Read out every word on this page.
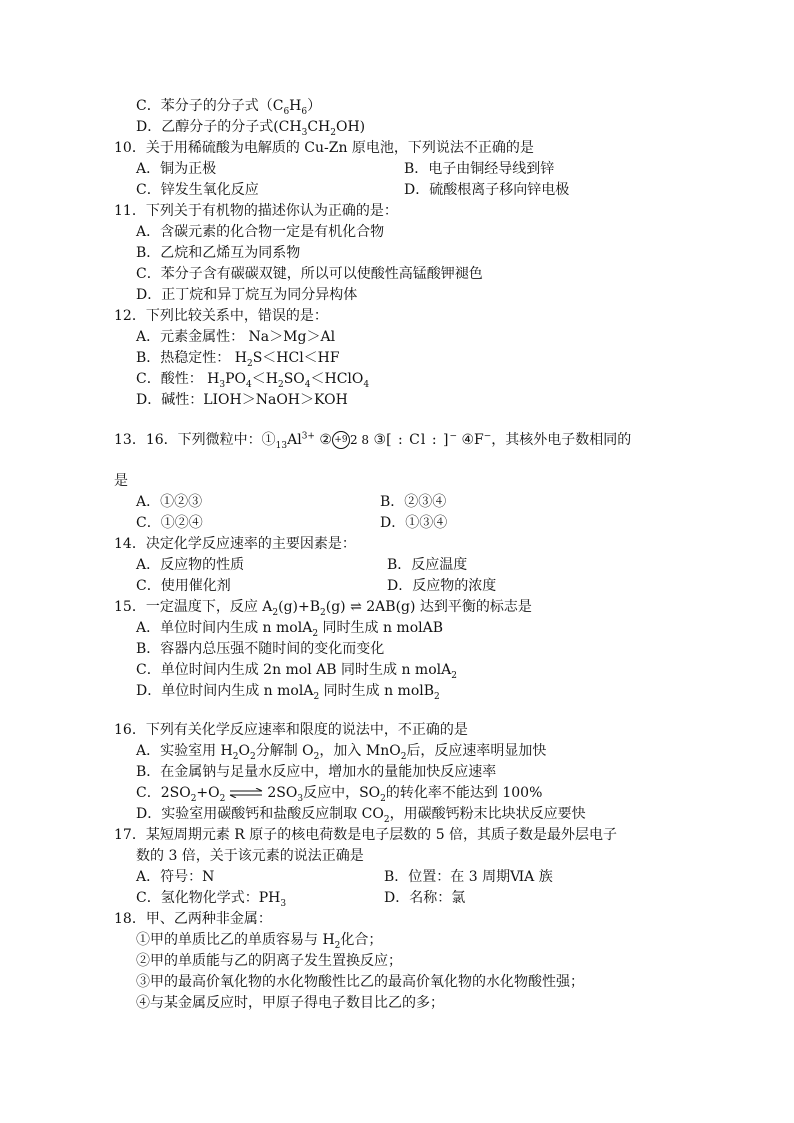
C．苯分子的分子式$(C_6H_6)$
D．乙醇分子的分子式$(CH_3CH_2OH)$
10．关于用稀硫酸为电解质的 Cu-Zn 原电池，下列说法不正确的是
A．铜为正极	B．电子由铜经导线到锌
C．锌发生氧化反应	D．硫酸根离子移向锌电极
11．下列关于有机物的描述你认为正确的是：
A．含碳元素的化合物一定是有机化合物
B．乙烷和乙烯互为同系物
C．苯分子含有碳碳双键，所以可以使酸性高锰酸钾褪色
D．正丁烷和异丁烷互为同分异构体
12．下列比较关系中，错误的是：
A．元素金属性： Na＞Mg＞Al
B．热稳定性： $H_2S<HCl<HF$
C．酸性： $H_3PO_4<H_2SO_4<HClO_4$
D．碱性：LIOH＞NaOH＞KOH
13．16．下列微粒中：$①_{13}Al^{3+}$ ② +9 2 8 ③[ : Cl : ]− ④F−，其核外电子数相同的
是
A．①②③	B．②③④
C．①②④	D．①③④
14．决定化学反应速率的主要因素是：
A．反应物的性质	B．反应温度
C．使用催化剂	D．反应物的浓度
15．一定温度下，反应 $A_2(g)+B_2(g)$ ⇌ 2AB(g) 达到平衡的标志是
A．单位时间内生成 n molA$_2$ 同时生成 n molAB
B．容器内总压强不随时间的变化而变化
C．单位时间内生成 2n mol AB 同时生成 n molA$_2$
D．单位时间内生成 n molA$_2$ 同时生成 n molB$_2$
16．下列有关化学反应速率和限度的说法中，不正确的是
A．实验室用 $H_2O_2$分解制 $O_2$，加入 MnO$_2$后，反应速率明显加快
B．在金属钠与足量水反应中，增加水的量能加快反应速率
C．$2SO_2+O_2$ ⇌ $2SO_3$反应中，$SO_2$的转化率不能达到 100%
D．实验室用碳酸钙和盐酸反应制取 $CO_2$，用碳酸钙粉末比块状反应要快
17．某短周期元素 R 原子的核电荷数是电子层数的 5 倍，其质子数是最外层电子
数的 3 倍，关于该元素的说法正确是
A．符号：N	B．位置：在 3 周期ⅥA 族
C．氢化物化学式：$PH_3$	D．名称：氯
18．甲、乙两种非金属：
①甲的单质比乙的单质容易与 $H_2$化合；
②甲的单质能与乙的阴离子发生置换反应；
③甲的最高价氧化物的水化物酸性比乙的最高价氧化物的水化物酸性强；
④与某金属反应时，甲原子得电子数目比乙的多；
